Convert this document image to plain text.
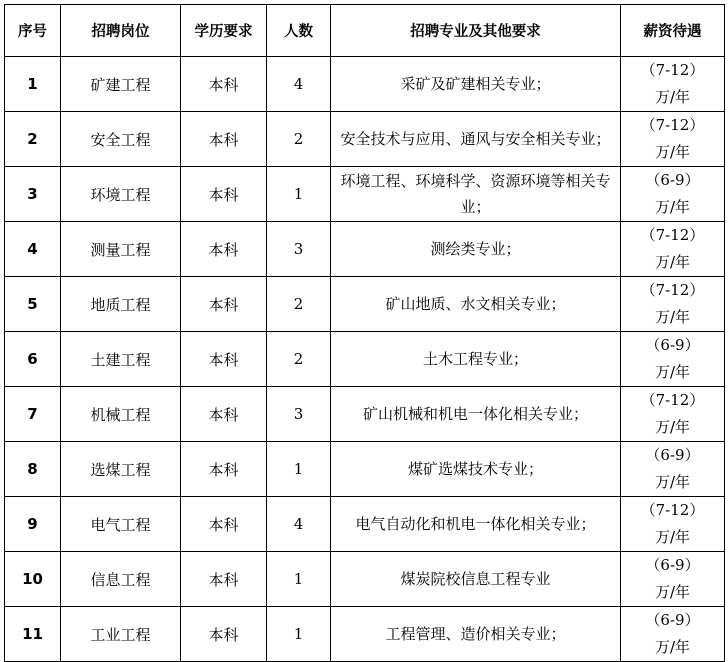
序号	招聘岗位	学历要求	人数	招聘专业及其他要求	薪资待遇
1	矿建工程	本科	4	采矿及矿建相关专业；	（7-12）
万/年

2	安全工程	本科	2	安全技术与应用、通风与安全相关专业；	（7-12）
万/年

3	环境工程	本科	1	环境工程、环境科学、资源环境等相关专业；	（6-9）
万/年

4	测量工程	本科	3	测绘类专业；	（7-12）
万/年

5	地质工程	本科	2	矿山地质、水文相关专业；	（7-12）
万/年

6	土建工程	本科	2	土木工程专业；	（6-9）
万/年

7	机械工程	本科	3	矿山机械和机电一体化相关专业；	（7-12）
万/年

8	选煤工程	本科	1	煤矿选煤技术专业；	（6-9）
万/年

9	电气工程	本科	4	电气自动化和机电一体化相关专业；	（7-12）
万/年

10	信息工程	本科	1	煤炭院校信息工程专业	（6-9）
万/年

11	工业工程	本科	1	工程管理、造价相关专业；	（6-9）
万/年
